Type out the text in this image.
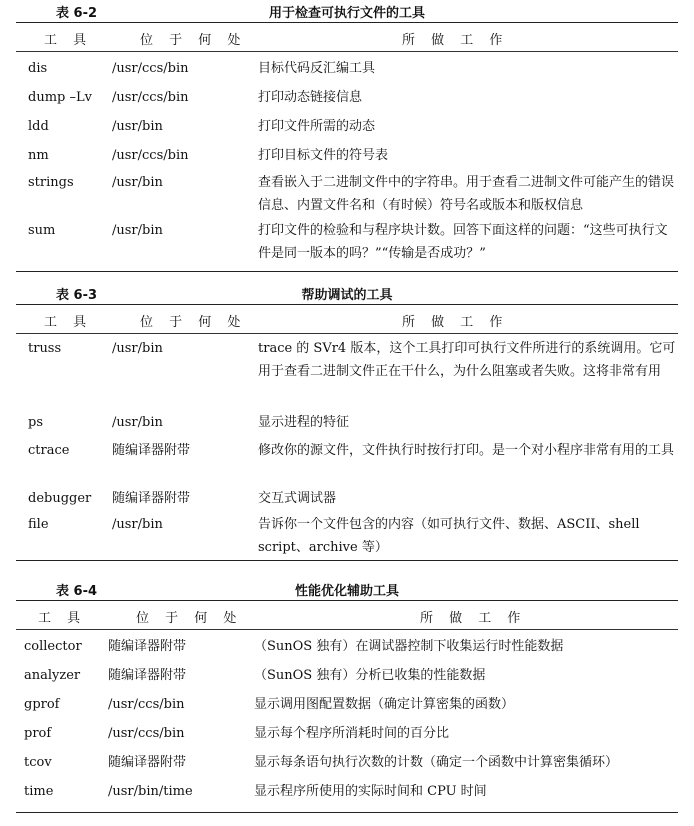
表 6-2	用于检查可执行文件的工具
工 具	位 于 何 处	所 做 工 作
dis	/usr/ccs/bin	目标代码反汇编工具
dump –Lv	/usr/ccs/bin	打印动态链接信息
ldd	/usr/bin	打印文件所需的动态
nm	/usr/ccs/bin	打印目标文件的符号表
strings	/usr/bin	查看嵌入于二进制文件中的字符串。用于查看二进制文件可能产生的错误信息、内置文件名和（有时候）符号名或版本和版权信息
sum	/usr/bin	打印文件的检验和与程序块计数。回答下面这样的问题：“这些可执行文件是同一版本的吗？”“传输是否成功？”
表 6-3	帮助调试的工具
工 具	位 于 何 处	所 做 工 作
truss	/usr/bin	trace 的 SVr4 版本，这个工具打印可执行文件所进行的系统调用。它可用于查看二进制文件正在干什么，为什么阻塞或者失败。这将非常有用
ps	/usr/bin	显示进程的特征
ctrace	随编译器附带	修改你的源文件，文件执行时按行打印。是一个对小程序非常有用的工具
debugger	随编译器附带	交互式调试器
file	/usr/bin	告诉你一个文件包含的内容（如可执行文件、数据、ASCII、shell script、archive 等）
表 6-4	性能优化辅助工具
工 具	位 于 何 处	所 做 工 作
collector	随编译器附带	（SunOS 独有）在调试器控制下收集运行时性能数据
analyzer	随编译器附带	（SunOS 独有）分析已收集的性能数据
gprof	/usr/ccs/bin	显示调用图配置数据（确定计算密集的函数）
prof	/usr/ccs/bin	显示每个程序所消耗时间的百分比
tcov	随编译器附带	显示每条语句执行次数的计数（确定一个函数中计算密集循环）
time	/usr/bin/time	显示程序所使用的实际时间和 CPU 时间
